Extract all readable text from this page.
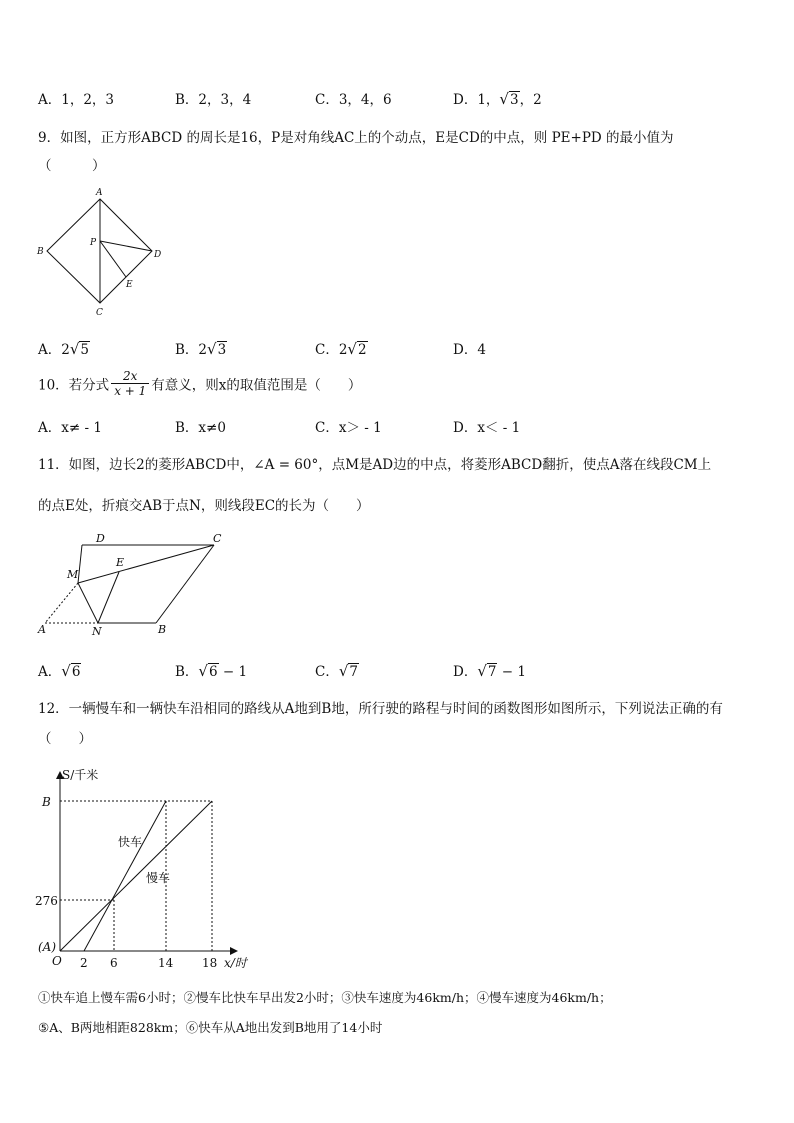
A．1，2，3	B．2，3，4	C．3，4，6	D．1，√3，2
9．如图，正方形ABCD 的周长是16，P是对角线AC上的个动点，E是CD的中点，则 PE+PD 的最小值为
（　　　）
A
B
C
D
P
E
A．2√5	B．2√3	C．2√2	D．4
10．若分式 $\frac{2x}{x + 1}$ 有意义，则x的取值范围是（　　）
A．x≠ - 1	B．x≠0	C．x＞ - 1	D．x＜ - 1
11．如图，边长2的菱形ABCD中，∠A = 60°，点M是AD边的中点，将菱形ABCD翻折，使点A落在线段CM上
的点E处，折痕交AB于点N，则线段EC的长为（　　）
D	C
E
M
A	N	B
A．√6	B．√6 − 1	C．√7	D．√7 − 1
12．一辆慢车和一辆快车沿相同的路线从A地到B地，所行驶的路程与时间的函数图形如图所示，下列说法正确的有
（　　）
S/千米
x/时
B
276
(A)
O 2 6	14 18
快车
慢车
①快车追上慢车需6小时；②慢车比快车早出发2小时；③快车速度为46km/h；④慢车速度为46km/h；
⑤A、B两地相距828km；⑥快车从A地出发到B地用了14小时
